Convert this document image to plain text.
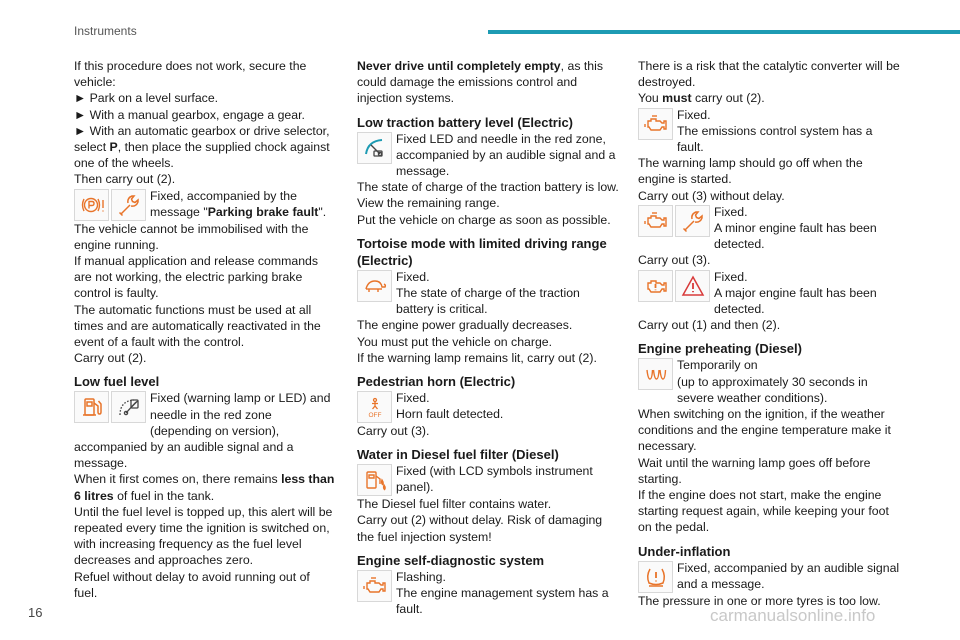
Instruments

If this procedure does not work, secure the vehicle:

► Park on a level surface.

► With a manual gearbox, engage a gear.

► With an automatic gearbox or drive selector, select P, then place the supplied chock against one of the wheels.

Then carry out (2).

Fixed, accompanied by the message "Parking brake fault".

The vehicle cannot be immobilised with the engine running.

If manual application and release commands are not working, the electric parking brake control is faulty.

The automatic functions must be used at all times and are automatically reactivated in the event of a fault with the control.

Carry out (2).

Low fuel level

Fixed (warning lamp or LED) and needle in the red zone (depending on version), accompanied by an audible signal and a message.

When it first comes on, there remains less than 6 litres of fuel in the tank.

Until the fuel level is topped up, this alert will be repeated every time the ignition is switched on, with increasing frequency as the fuel level decreases and approaches zero.

Refuel without delay to avoid running out of fuel.

Never drive until completely empty, as this could damage the emissions control and injection systems.

Low traction battery level (Electric)

Fixed LED and needle in the red zone, accompanied by an audible signal and a message.

The state of charge of the traction battery is low.

View the remaining range.

Put the vehicle on charge as soon as possible.

Tortoise mode with limited driving range (Electric)

Fixed.

The state of charge of the traction battery is critical.

The engine power gradually decreases.

You must put the vehicle on charge.

If the warning lamp remains lit, carry out (2).

Pedestrian horn (Electric)

OFF

Fixed.

Horn fault detected.

Carry out (3).

Water in Diesel fuel filter (Diesel)

Fixed (with LCD symbols instrument panel).

The Diesel fuel filter contains water.

Carry out (2) without delay. Risk of damaging the fuel injection system!

Engine self-diagnostic system

Flashing.

The engine management system has a fault.

There is a risk that the catalytic converter will be destroyed.

You must carry out (2).

Fixed.

The emissions control system has a fault.

The warning lamp should go off when the engine is started.

Carry out (3) without delay.

Fixed.

A minor engine fault has been detected.

Carry out (3).

Fixed.

A major engine fault has been detected.

Carry out (1) and then (2).

Engine preheating (Diesel)

Temporarily on

(up to approximately 30 seconds in severe weather conditions).

When switching on the ignition, if the weather conditions and the engine temperature make it necessary.

Wait until the warning lamp goes off before starting.

If the engine does not start, make the engine starting request again, while keeping your foot on the pedal.

Under-inflation

Fixed, accompanied by an audible signal and a message.

The pressure in one or more tyres is too low.

16	carmanualsonline.info
